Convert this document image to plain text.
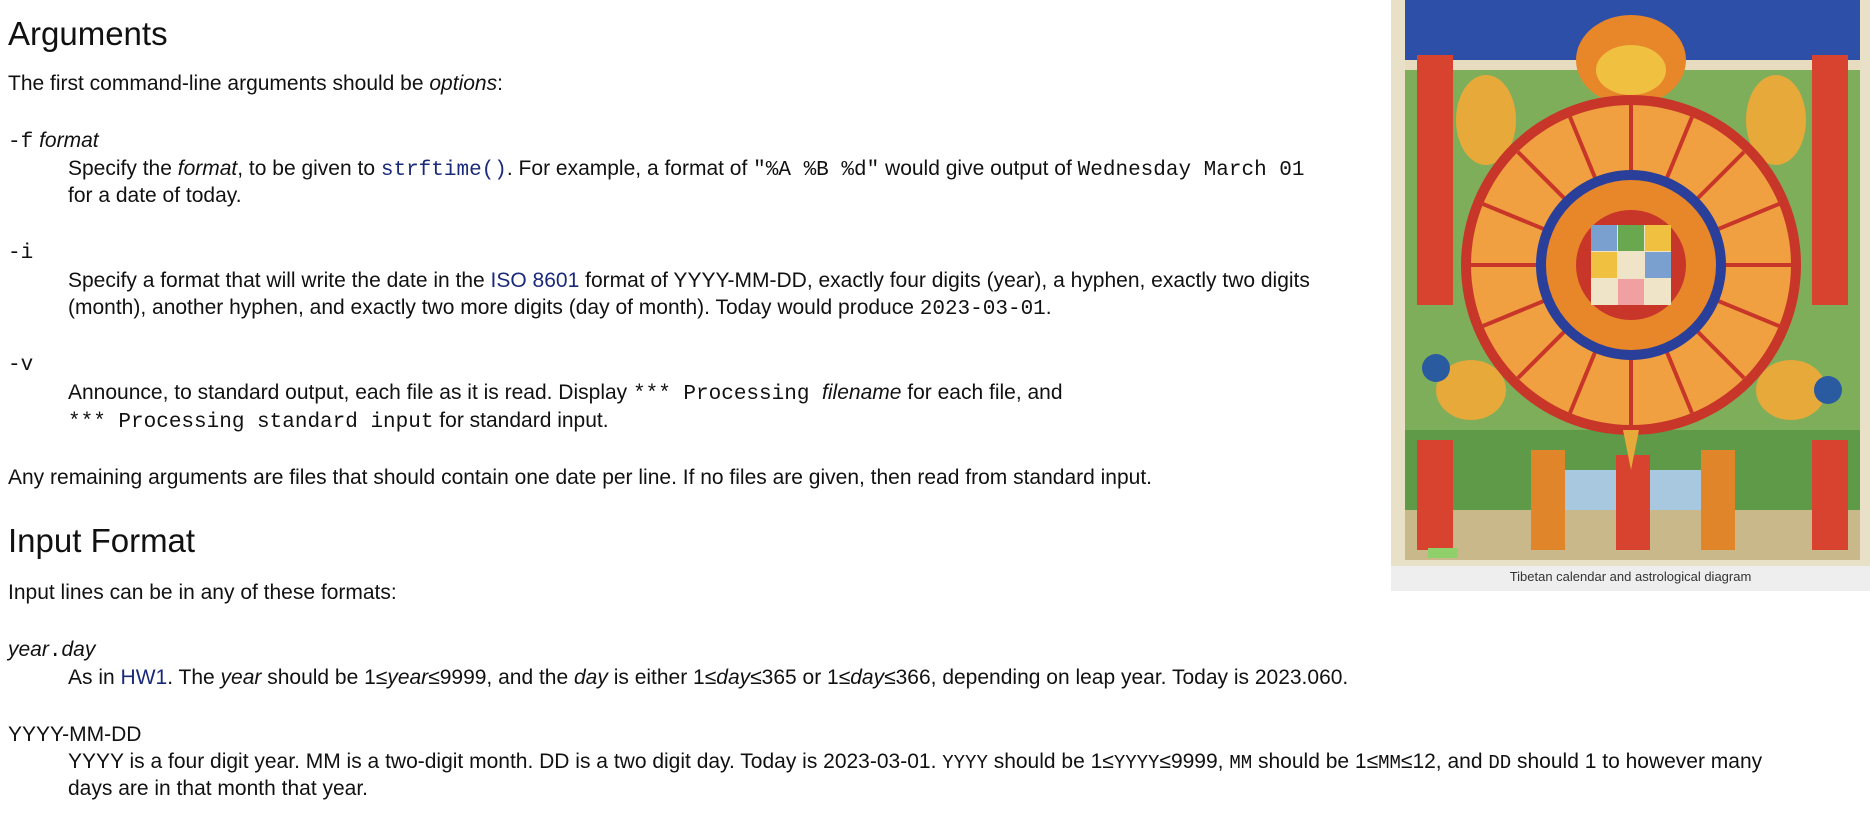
Arguments

The first command-line arguments should be options:

-f format

Specify the format, to be given to strftime(). For example, a format of "%A %B %d" would give output of Wednesday March 01

for a date of today.

-i

Specify a format that will write the date in the ISO 8601 format of YYYY-MM-DD, exactly four digits (year), a hyphen, exactly two digits

(month), another hyphen, and exactly two more digits (day of month). Today would produce 2023-03-01.

-v

Announce, to standard output, each file as it is read. Display *** Processing filename for each file, and

*** Processing standard input for standard input.

Any remaining arguments are files that should contain one date per line. If no files are given, then read from standard input.

Input Format

Input lines can be in any of these formats:

year.day

As in HW1. The year should be 1≤year≤9999, and the day is either 1≤day≤365 or 1≤day≤366, depending on leap year. Today is 2023.060.

YYYY-MM-DD

YYYY is a four digit year. MM is a two-digit month. DD is a two digit day. Today is 2023-03-01. YYYY should be 1≤YYYY≤9999, MM should be 1≤MM≤12, and DD should 1 to however many

days are in that month that year.

Tibetan calendar and astrological diagram
